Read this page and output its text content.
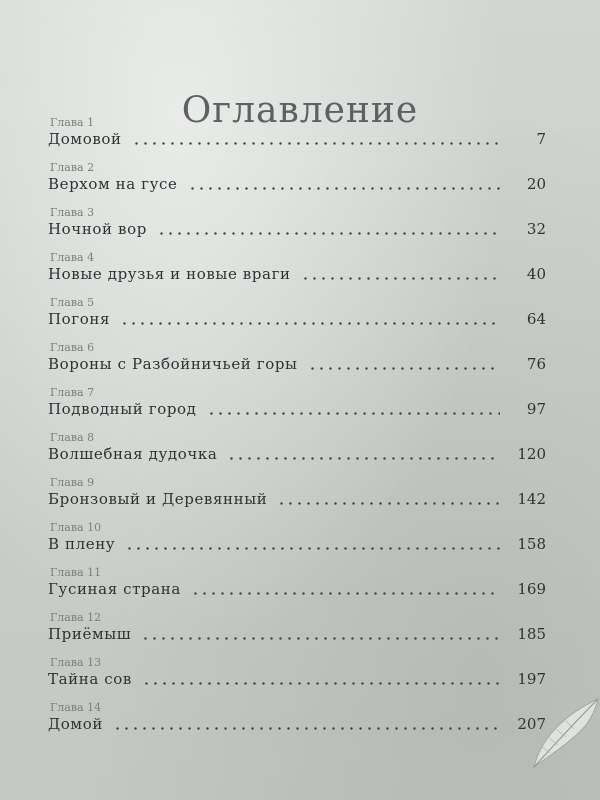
Оглавление
Глава 1
Домовой	7
Глава 2
Верхом на гусе	20
Глава 3
Ночной вор	32
Глава 4
Новые друзья и новые враги	40
Глава 5
Погоня	64
Глава 6
Вороны с Разбойничьей горы	76
Глава 7
Подводный город	97
Глава 8
Волшебная дудочка	120
Глава 9
Бронзовый и Деревянный	142
Глава 10
В плену	158
Глава 11
Гусиная страна	169
Глава 12
Приёмыш	185
Глава 13
Тайна сов	197
Глава 14
Домой	207
